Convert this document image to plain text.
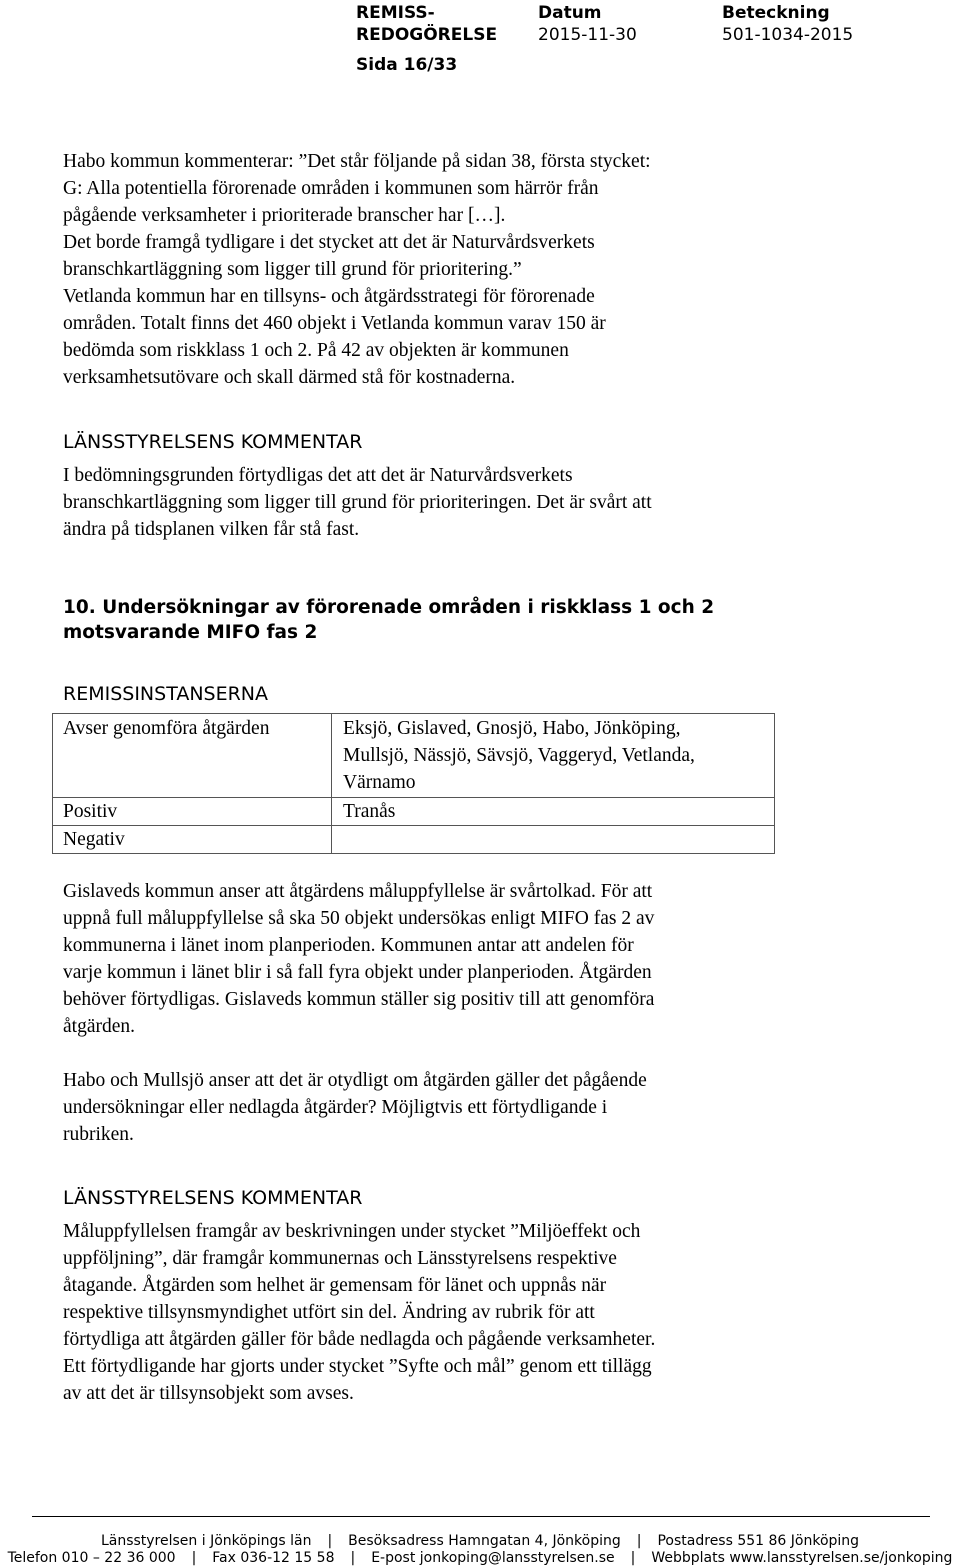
REMISS-
REDOGÖRELSE
Datum
2015-11-30
Beteckning
501-1034-2015
Sida 16/33

Habo kommun kommenterar: ”Det står följande på sidan 38, första stycket:
G: Alla potentiella förorenade områden i kommunen som härrör från
pågående verksamheter i prioriterade branscher har […].
Det borde framgå tydligare i det stycket att det är Naturvårdsverkets
branschkartläggning som ligger till grund för prioritering.”
Vetlanda kommun har en tillsyns- och åtgärdsstrategi för förorenade
områden. Totalt finns det 460 objekt i Vetlanda kommun varav 150 är
bedömda som riskklass 1 och 2. På 42 av objekten är kommunen
verksamhetsutövare och skall därmed stå för kostnaderna.

LÄNSSTYRELSENS KOMMENTAR

I bedömningsgrunden förtydligas det att det är Naturvårdsverkets
branschkartläggning som ligger till grund för prioriteringen. Det är svårt att
ändra på tidsplanen vilken får stå fast.

10. Undersökningar av förorenade områden i riskklass 1 och 2
motsvarande MIFO fas 2

REMISSINSTANSERNA

Avser genomföra åtgärden	Eksjö, Gislaved, Gnosjö, Habo, Jönköping,
Mullsjö, Nässjö, Sävsjö, Vaggeryd, Vetlanda,
Värnamo
Positiv	Tranås
Negativ	

Gislaveds kommun anser att åtgärdens måluppfyllelse är svårtolkad. För att
uppnå full måluppfyllelse så ska 50 objekt undersökas enligt MIFO fas 2 av
kommunerna i länet inom planperioden. Kommunen antar att andelen för
varje kommun i länet blir i så fall fyra objekt under planperioden. Åtgärden
behöver förtydligas. Gislaveds kommun ställer sig positiv till att genomföra
åtgärden.

Habo och Mullsjö anser att det är otydligt om åtgärden gäller det pågående
undersökningar eller nedlagda åtgärder? Möjligtvis ett förtydligande i
rubriken.

LÄNSSTYRELSENS KOMMENTAR

Måluppfyllelsen framgår av beskrivningen under stycket ”Miljöeffekt och
uppföljning”, där framgår kommunernas och Länsstyrelsens respektive
åtagande. Åtgärden som helhet är gemensam för länet och uppnås när
respektive tillsynsmyndighet utfört sin del. Ändring av rubrik för att
förtydliga att åtgärden gäller för både nedlagda och pågående verksamheter.
Ett förtydligande har gjorts under stycket ”Syfte och mål” genom ett tillägg
av att det är tillsynsobjekt som avses.

Länsstyrelsen i Jönköpings län | Besöksadress Hamngatan 4, Jönköping | Postadress 551 86 Jönköping
Telefon 010 – 22 36 000 | Fax 036-12 15 58 | E-post jonkoping@lansstyrelsen.se | Webbplats www.lansstyrelsen.se/jonkoping
